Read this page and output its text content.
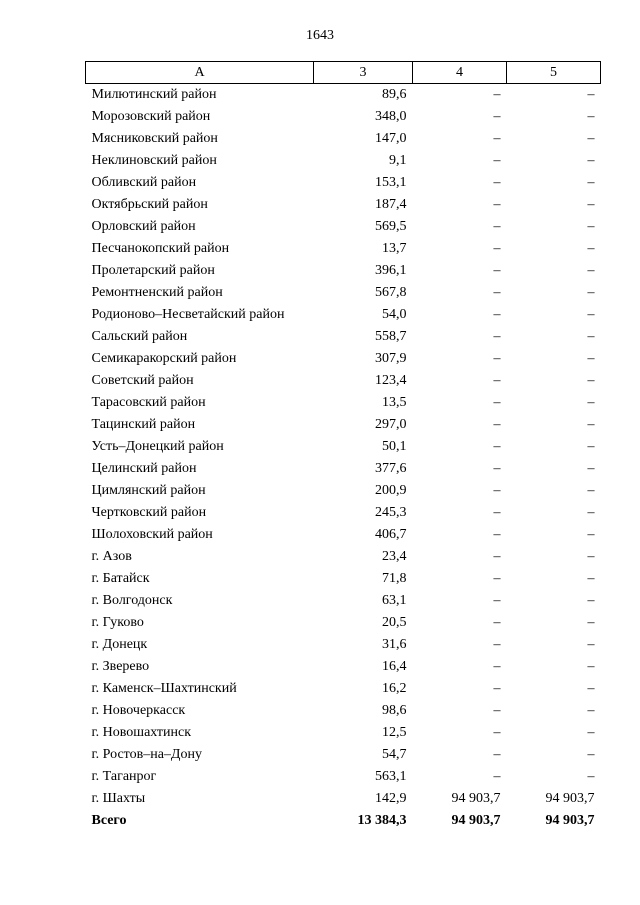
1643
А	3	4	5
Милютинский район	89,6	–	–
Морозовский район	348,0	–	–
Мясниковский район	147,0	–	–
Неклиновский район	9,1	–	–
Обливский район	153,1	–	–
Октябрьский район	187,4	–	–
Орловский район	569,5	–	–
Песчанокопский район	13,7	–	–
Пролетарский район	396,1	–	–
Ремонтненский район	567,8	–	–
Родионово–Несветайский район	54,0	–	–
Сальский район	558,7	–	–
Семикаракорский район	307,9	–	–
Советский район	123,4	–	–
Тарасовский район	13,5	–	–
Тацинский район	297,0	–	–
Усть–Донецкий район	50,1	–	–
Целинский район	377,6	–	–
Цимлянский район	200,9	–	–
Чертковский район	245,3	–	–
Шолоховский район	406,7	–	–
г. Азов	23,4	–	–
г. Батайск	71,8	–	–
г. Волгодонск	63,1	–	–
г. Гуково	20,5	–	–
г. Донецк	31,6	–	–
г. Зверево	16,4	–	–
г. Каменск–Шахтинский	16,2	–	–
г. Новочеркасск	98,6	–	–
г. Новошахтинск	12,5	–	–
г. Ростов–на–Дону	54,7	–	–
г. Таганрог	563,1	–	–
г. Шахты	142,9	94 903,7	94 903,7
Всего	13 384,3	94 903,7	94 903,7
